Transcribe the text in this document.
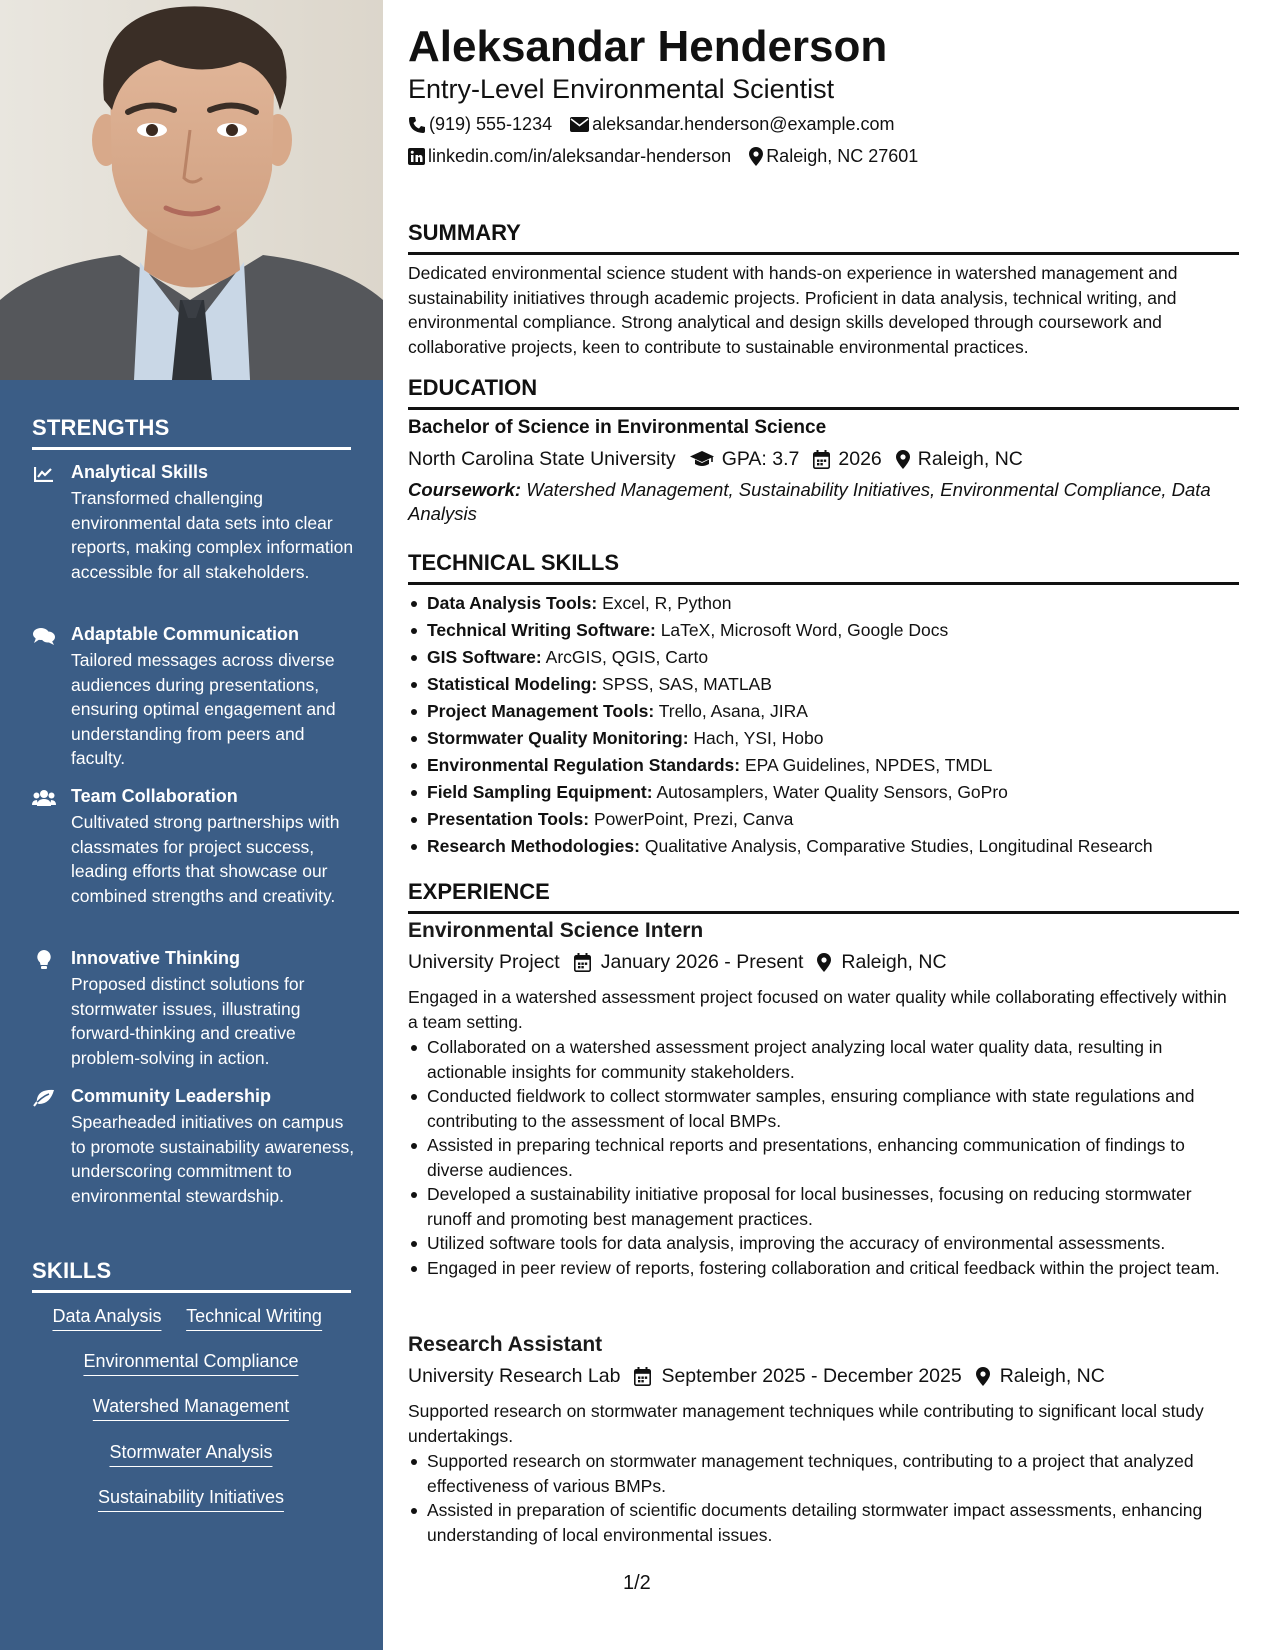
STRENGTHS
Analytical Skills
Transformed challenging environmental data sets into clear reports, making complex information accessible for all stakeholders.
Adaptable Communication
Tailored messages across diverse audiences during presentations, ensuring optimal engagement and understanding from peers and faculty.
Team Collaboration
Cultivated strong partnerships with classmates for project success, leading efforts that showcase our combined strengths and creativity.
Innovative Thinking
Proposed distinct solutions for stormwater issues, illustrating forward-thinking and creative problem-solving in action.
Community Leadership
Spearheaded initiatives on campus to promote sustainability awareness, underscoring commitment to environmental stewardship.
SKILLS
Data Analysis Technical Writing
Environmental Compliance
Watershed Management
Stormwater Analysis
Sustainability Initiatives
Aleksandar Henderson
Entry-Level Environmental Scientist
(919) 555-1234 aleksandar.henderson@example.com
linkedin.com/in/aleksandar-henderson Raleigh, NC 27601
SUMMARY
Dedicated environmental science student with hands-on experience in watershed management and sustainability initiatives through academic projects. Proficient in data analysis, technical writing, and environmental compliance. Strong analytical and design skills developed through coursework and collaborative projects, keen to contribute to sustainable environmental practices.
EDUCATION
Bachelor of Science in Environmental Science
North Carolina State University GPA: 3.7 2026 Raleigh, NC
Coursework: Watershed Management, Sustainability Initiatives, Environmental Compliance, Data Analysis
TECHNICAL SKILLS
Data Analysis Tools: Excel, R, Python
Technical Writing Software: LaTeX, Microsoft Word, Google Docs
GIS Software: ArcGIS, QGIS, Carto
Statistical Modeling: SPSS, SAS, MATLAB
Project Management Tools: Trello, Asana, JIRA
Stormwater Quality Monitoring: Hach, YSI, Hobo
Environmental Regulation Standards: EPA Guidelines, NPDES, TMDL
Field Sampling Equipment: Autosamplers, Water Quality Sensors, GoPro
Presentation Tools: PowerPoint, Prezi, Canva
Research Methodologies: Qualitative Analysis, Comparative Studies, Longitudinal Research
EXPERIENCE
Environmental Science Intern
University Project January 2026 - Present Raleigh, NC
Engaged in a watershed assessment project focused on water quality while collaborating effectively within a team setting.
Collaborated on a watershed assessment project analyzing local water quality data, resulting in actionable insights for community stakeholders.
Conducted fieldwork to collect stormwater samples, ensuring compliance with state regulations and contributing to the assessment of local BMPs.
Assisted in preparing technical reports and presentations, enhancing communication of findings to diverse audiences.
Developed a sustainability initiative proposal for local businesses, focusing on reducing stormwater runoff and promoting best management practices.
Utilized software tools for data analysis, improving the accuracy of environmental assessments.
Engaged in peer review of reports, fostering collaboration and critical feedback within the project team.
Research Assistant
University Research Lab September 2025 - December 2025 Raleigh, NC
Supported research on stormwater management techniques while contributing to significant local study undertakings.
Supported research on stormwater management techniques, contributing to a project that analyzed effectiveness of various BMPs.
Assisted in preparation of scientific documents detailing stormwater impact assessments, enhancing understanding of local environmental issues.
1/2
